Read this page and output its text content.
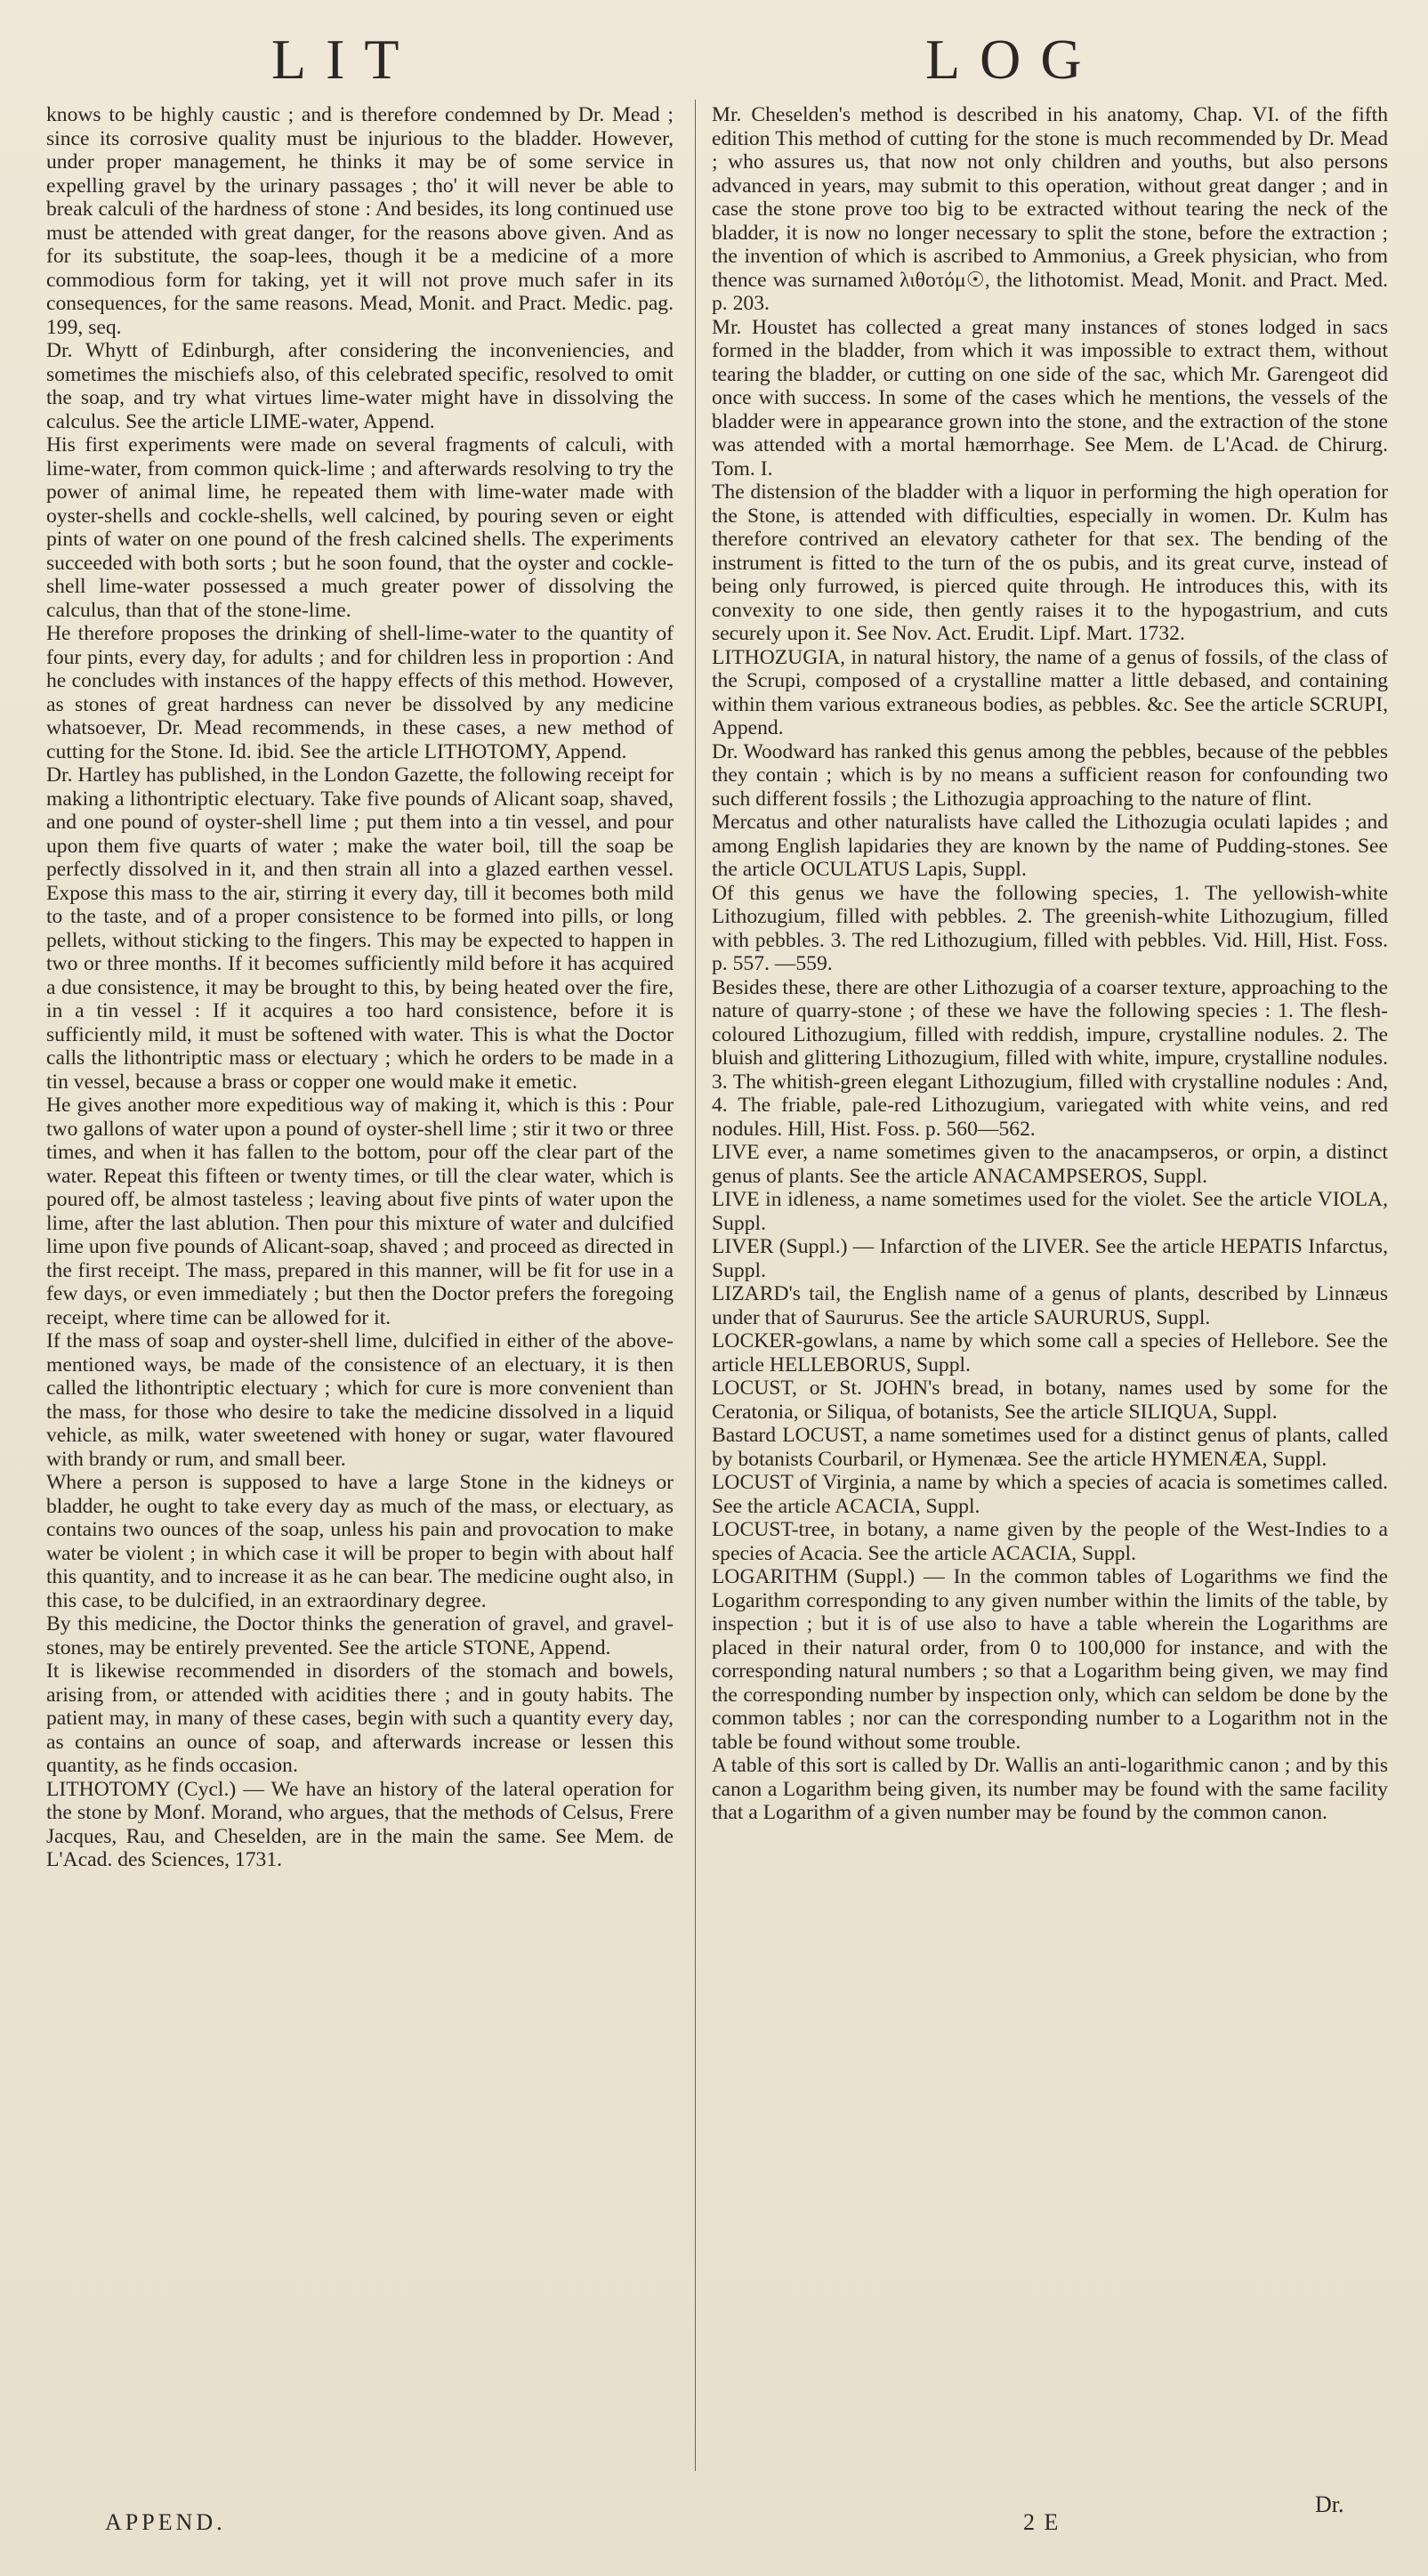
LIT	LOG

knows to be highly caustic ; and is therefore condemned by Dr. Mead ; since its corrosive quality must be injurious to the bladder. However, under proper management, he thinks it may be of some service in expelling gravel by the urinary passages ; tho' it will never be able to break calculi of the hardness of stone : And besides, its long continued use must be attended with great danger, for the reasons above given. And as for its substitute, the soap-lees, though it be a medicine of a more commodious form for taking, yet it will not prove much safer in its consequences, for the same reasons. Mead, Monit. and Pract. Medic. pag. 199, seq.

Dr. Whytt of Edinburgh, after considering the inconveniencies, and sometimes the mischiefs also, of this celebrated specific, resolved to omit the soap, and try what virtues lime-water might have in dissolving the calculus. See the article LIME-water, Append.

His first experiments were made on several fragments of calculi, with lime-water, from common quick-lime ; and afterwards resolving to try the power of animal lime, he repeated them with lime-water made with oyster-shells and cockle-shells, well calcined, by pouring seven or eight pints of water on one pound of the fresh calcined shells. The experiments succeeded with both sorts ; but he soon found, that the oyster and cockle-shell lime-water possessed a much greater power of dissolving the calculus, than that of the stone-lime.

He therefore proposes the drinking of shell-lime-water to the quantity of four pints, every day, for adults ; and for children less in proportion : And he concludes with instances of the happy effects of this method. However, as stones of great hardness can never be dissolved by any medicine whatsoever, Dr. Mead recommends, in these cases, a new method of cutting for the Stone. Id. ibid. See the article LITHOTOMY, Append.

Dr. Hartley has published, in the London Gazette, the following receipt for making a lithontriptic electuary. Take five pounds of Alicant soap, shaved, and one pound of oyster-shell lime ; put them into a tin vessel, and pour upon them five quarts of water ; make the water boil, till the soap be perfectly dissolved in it, and then strain all into a glazed earthen vessel. Expose this mass to the air, stirring it every day, till it becomes both mild to the taste, and of a proper consistence to be formed into pills, or long pellets, without sticking to the fingers. This may be expected to happen in two or three months. If it becomes sufficiently mild before it has acquired a due consistence, it may be brought to this, by being heated over the fire, in a tin vessel : If it acquires a too hard consistence, before it is sufficiently mild, it must be softened with water. This is what the Doctor calls the lithontriptic mass or electuary ; which he orders to be made in a tin vessel, because a brass or copper one would make it emetic.

He gives another more expeditious way of making it, which is this : Pour two gallons of water upon a pound of oyster-shell lime ; stir it two or three times, and when it has fallen to the bottom, pour off the clear part of the water. Repeat this fifteen or twenty times, or till the clear water, which is poured off, be almost tasteless ; leaving about five pints of water upon the lime, after the last ablution. Then pour this mixture of water and dulcified lime upon five pounds of Alicant-soap, shaved ; and proceed as directed in the first receipt. The mass, prepared in this manner, will be fit for use in a few days, or even immediately ; but then the Doctor prefers the foregoing receipt, where time can be allowed for it.

If the mass of soap and oyster-shell lime, dulcified in either of the above-mentioned ways, be made of the consistence of an electuary, it is then called the lithontriptic electuary ; which for cure is more convenient than the mass, for those who desire to take the medicine dissolved in a liquid vehicle, as milk, water sweetened with honey or sugar, water flavoured with brandy or rum, and small beer.

Where a person is supposed to have a large Stone in the kidneys or bladder, he ought to take every day as much of the mass, or electuary, as contains two ounces of the soap, unless his pain and provocation to make water be violent ; in which case it will be proper to begin with about half this quantity, and to increase it as he can bear. The medicine ought also, in this case, to be dulcified, in an extraordinary degree.

By this medicine, the Doctor thinks the generation of gravel, and gravel-stones, may be entirely prevented. See the article STONE, Append.

It is likewise recommended in disorders of the stomach and bowels, arising from, or attended with acidities there ; and in gouty habits. The patient may, in many of these cases, begin with such a quantity every day, as contains an ounce of soap, and afterwards increase or lessen this quantity, as he finds occasion.

LITHOTOMY (Cycl.) — We have an history of the lateral operation for the stone by Monf. Morand, who argues, that the methods of Celsus, Frere Jacques, Rau, and Cheselden, are in the main the same. See Mem. de L'Acad. des Sciences, 1731.

Mr. Cheselden's method is described in his anatomy, Chap. VI. of the fifth edition This method of cutting for the stone is much recommended by Dr. Mead ; who assures us, that now not only children and youths, but also persons advanced in years, may submit to this operation, without great danger ; and in case the stone prove too big to be extracted without tearing the neck of the bladder, it is now no longer necessary to split the stone, before the extraction ; the invention of which is ascribed to Ammonius, a Greek physician, who from thence was surnamed λιθοτόμ☉, the lithotomist. Mead, Monit. and Pract. Med. p. 203.

Mr. Houstet has collected a great many instances of stones lodged in sacs formed in the bladder, from which it was impossible to extract them, without tearing the bladder, or cutting on one side of the sac, which Mr. Garengeot did once with success. In some of the cases which he mentions, the vessels of the bladder were in appearance grown into the stone, and the extraction of the stone was attended with a mortal hæmorrhage. See Mem. de L'Acad. de Chirurg. Tom. I.

The distension of the bladder with a liquor in performing the high operation for the Stone, is attended with difficulties, especially in women. Dr. Kulm has therefore contrived an elevatory catheter for that sex. The bending of the instrument is fitted to the turn of the os pubis, and its great curve, instead of being only furrowed, is pierced quite through. He introduces this, with its convexity to one side, then gently raises it to the hypogastrium, and cuts securely upon it. See Nov. Act. Erudit. Lipf. Mart. 1732.

LITHOZUGIA, in natural history, the name of a genus of fossils, of the class of the Scrupi, composed of a crystalline matter a little debased, and containing within them various extraneous bodies, as pebbles. &c. See the article SCRUPI, Append.

Dr. Woodward has ranked this genus among the pebbles, because of the pebbles they contain ; which is by no means a sufficient reason for confounding two such different fossils ; the Lithozugia approaching to the nature of flint.

Mercatus and other naturalists have called the Lithozugia oculati lapides ; and among English lapidaries they are known by the name of Pudding-stones. See the article OCULATUS Lapis, Suppl.

Of this genus we have the following species, 1. The yellowish-white Lithozugium, filled with pebbles. 2. The greenish-white Lithozugium, filled with pebbles. 3. The red Lithozugium, filled with pebbles. Vid. Hill, Hist. Foss. p. 557. —559.

Besides these, there are other Lithozugia of a coarser texture, approaching to the nature of quarry-stone ; of these we have the following species : 1. The flesh-coloured Lithozugium, filled with reddish, impure, crystalline nodules. 2. The bluish and glittering Lithozugium, filled with white, impure, crystalline nodules. 3. The whitish-green elegant Lithozugium, filled with crystalline nodules : And, 4. The friable, pale-red Lithozugium, variegated with white veins, and red nodules. Hill, Hist. Foss. p. 560—562.

LIVE ever, a name sometimes given to the anacampseros, or orpin, a distinct genus of plants. See the article ANACAMPSEROS, Suppl.

LIVE in idleness, a name sometimes used for the violet. See the article VIOLA, Suppl.

LIVER (Suppl.) — Infarction of the LIVER. See the article HEPATIS Infarctus, Suppl.

LIZARD's tail, the English name of a genus of plants, described by Linnæus under that of Saururus. See the article SAURURUS, Suppl.

LOCKER-gowlans, a name by which some call a species of Hellebore. See the article HELLEBORUS, Suppl.

LOCUST, or St. JOHN's bread, in botany, names used by some for the Ceratonia, or Siliqua, of botanists, See the article SILIQUA, Suppl.

Bastard LOCUST, a name sometimes used for a distinct genus of plants, called by botanists Courbaril, or Hymenæa. See the article HYMENÆA, Suppl.

LOCUST of Virginia, a name by which a species of acacia is sometimes called. See the article ACACIA, Suppl.

LOCUST-tree, in botany, a name given by the people of the West-Indies to a species of Acacia. See the article ACACIA, Suppl.

LOGARITHM (Suppl.) — In the common tables of Logarithms we find the Logarithm corresponding to any given number within the limits of the table, by inspection ; but it is of use also to have a table wherein the Logarithms are placed in their natural order, from 0 to 100,000 for instance, and with the corresponding natural numbers ; so that a Logarithm being given, we may find the corresponding number by inspection only, which can seldom be done by the common tables ; nor can the corresponding number to a Logarithm not in the table be found without some trouble.

A table of this sort is called by Dr. Wallis an anti-logarithmic canon ; and by this canon a Logarithm being given, its number may be found with the same facility that a Logarithm of a given number may be found by the common canon.

APPEND.	2 E
Dr.
